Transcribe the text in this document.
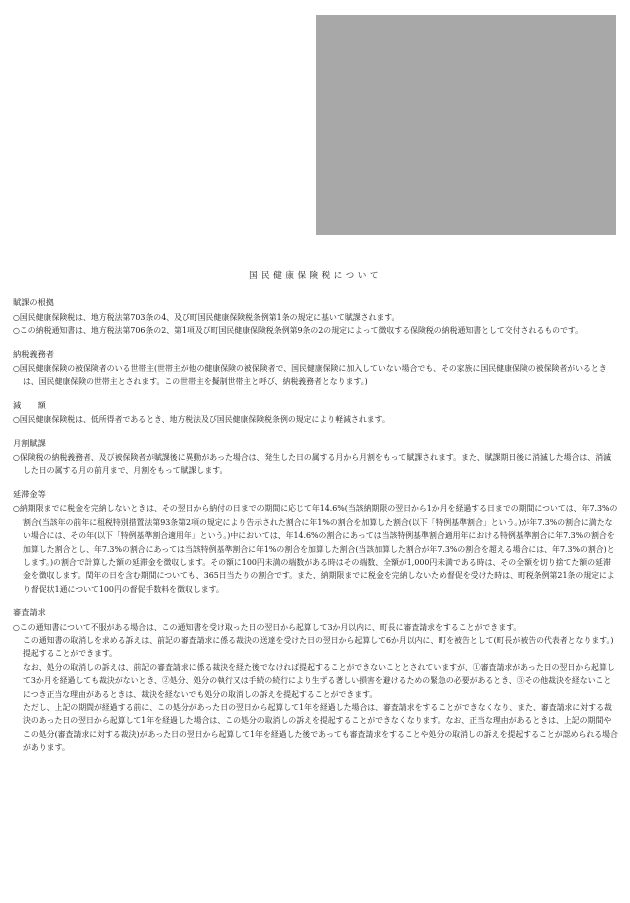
国民健康保険税について
賦課の根拠

○国民健康保険税は、地方税法第703条の4、及び町国民健康保険税条例第1条の規定に基いて賦課されます。

○この納税通知書は、地方税法第706条の2、第1項及び町国民健康保険税条例第9条の2の規定によって徴収する保険税の納税通知書として交付されるものです。

納税義務者

○国民健康保険の被保険者のいる世帯主(世帯主が他の健康保険の被保険者で、国民健康保険に加入していない場合でも、その家族に国民健康保険の被保険者がいるときは、国民健康保険の世帯主とされます。この世帯主を擬制世帯主と呼び、納税義務者となります。)

減　　額

○国民健康保険税は、低所得者であるとき、地方税法及び国民健康保険税条例の規定により軽減されます。

月割賦課

○保険税の納税義務者、及び被保険者が賦課後に異動があった場合は、発生した日の属する月から月割をもって賦課されます。また、賦課期日後に消滅した場合は、消滅した日の属する月の前月まで、月割をもって賦課します。

延滞金等

○納期限までに税金を完納しないときは、その翌日から納付の日までの期間に応じて年14.6%(当該納期限の翌日から1か月を経過する日までの期間については、年7.3%の割合(当該年の前年に租税特別措置法第93条第2項の規定により告示された割合に年1%の割合を加算した割合(以下「特例基準割合」という。)が年7.3%の割合に満たない場合には、その年(以下「特例基準割合適用年」という。)中においては、年14.6%の割合にあっては当該特例基準割合適用年における特例基準割合に年7.3%の割合を加算した割合とし、年7.3%の割合にあっては当該特例基準割合に年1%の割合を加算した割合(当該加算した割合が年7.3%の割合を超える場合には、年7.3%の割合)とします。)の割合で計算した額の延滞金を徴収します。その額に100円未満の端数がある時はその端数、全額が1,000円未満である時は、その全額を切り捨てた額の延滞金を徴収します。閏年の日を含む期間についても、365日当たりの割合です。また、納期限までに税金を完納しないため督促を受けた時は、町税条例第21条の規定により督促状1通について100円の督促手数料を徴収します。

審査請求

○この通知書について不服がある場合は、この通知書を受け取った日の翌日から起算して3か月以内に、町長に審査請求をすることができます。

この通知書の取消しを求める訴えは、前記の審査請求に係る裁決の送達を受けた日の翌日から起算して6か月以内に、町を被告として(町長が被告の代表者となります。)提起することができます。

なお、処分の取消しの訴えは、前記の審査請求に係る裁決を経た後でなければ提起することができないこととされていますが、①審査請求があった日の翌日から起算して3か月を経過しても裁決がないとき、②処分、処分の執行又は手続の続行により生ずる著しい損害を避けるための緊急の必要があるとき、③その他裁決を経ないことにつき正当な理由があるときは、裁決を経ないでも処分の取消しの訴えを提起することができます。

ただし、上記の期間が経過する前に、この処分があった日の翌日から起算して1年を経過した場合は、審査請求をすることができなくなり、また、審査請求に対する裁決のあった日の翌日から起算して1年を経過した場合は、この処分の取消しの訴えを提起することができなくなります。なお、正当な理由があるときは、上記の期間やこの処分(審査請求に対する裁決)があった日の翌日から起算して1年を経過した後であっても審査請求をすることや処分の取消しの訴えを提起することが認められる場合があります。
